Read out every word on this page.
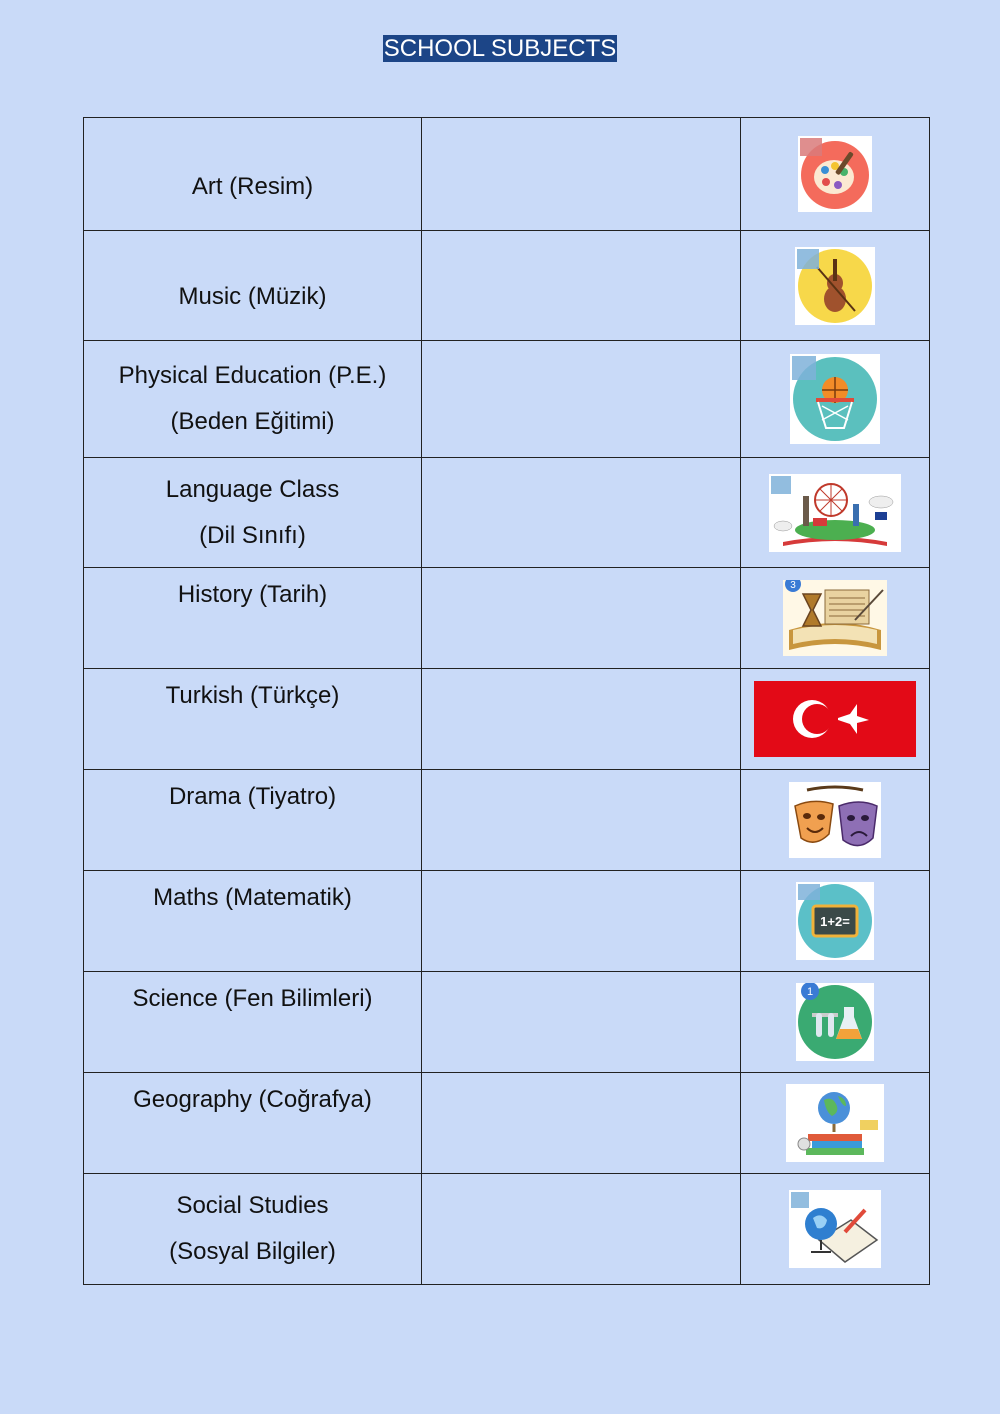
SCHOOL SUBJECTS
Art (Resim)

Music (Müzik)

Physical Education (P.E.)
(Beden Eğitimi)

Language Class
(Dil Sınıfı)

History (Tarih)		3

Turkish (Türkçe)

Drama (Tiyatro)

Maths (Matematik)		1+2=

Science (Fen Bilimleri)		1

Geography (Coğrafya)

Social Studies
(Sosyal Bilgiler)
